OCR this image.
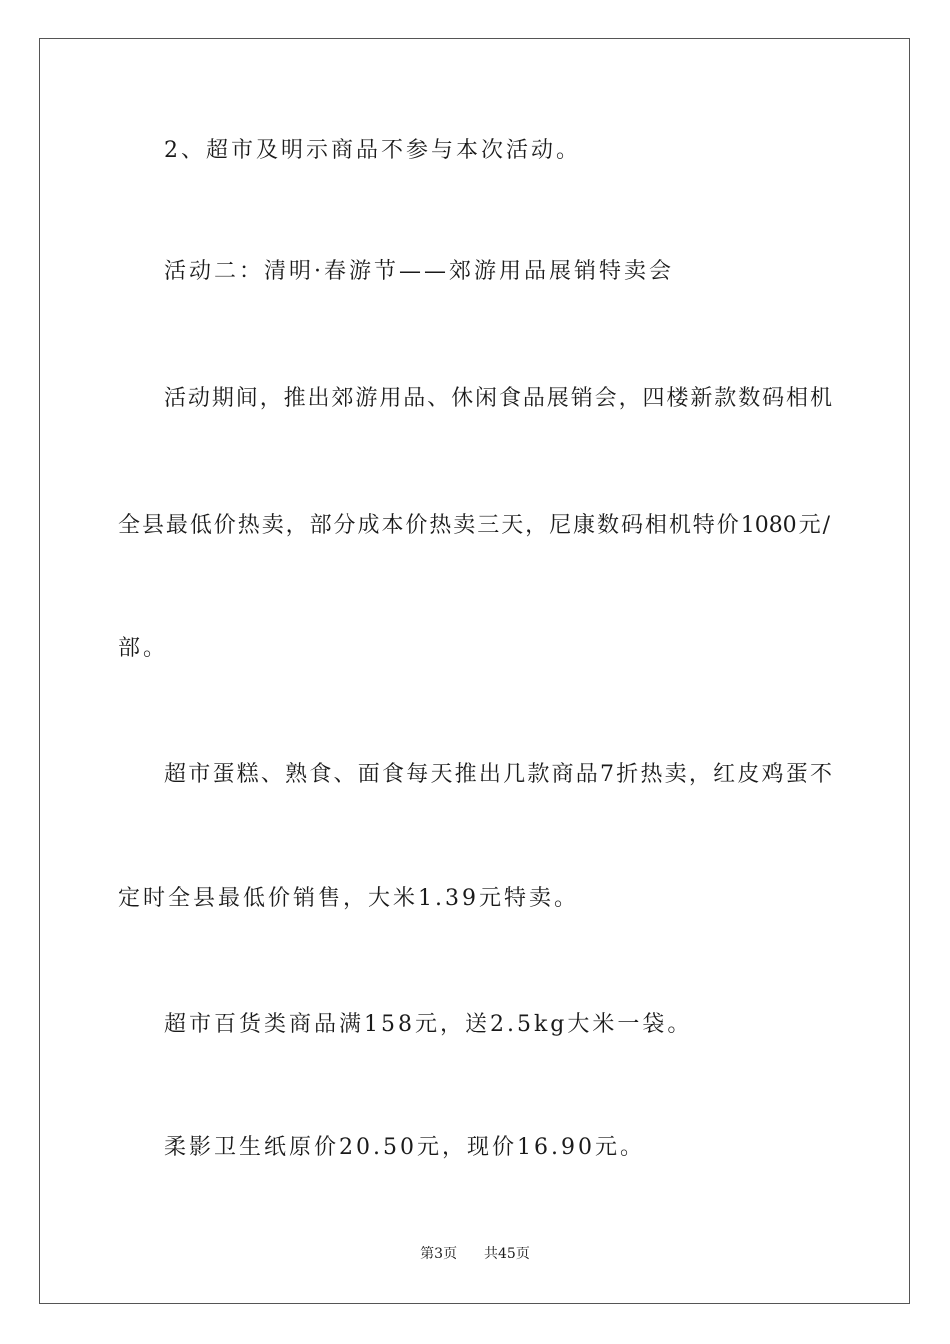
2、超市及明示商品不参与本次活动。
活动二：清明·春游节——郊游用品展销特卖会
活动期间，推出郊游用品、休闲食品展销会，四楼新款数码相机
全县最低价热卖，部分成本价热卖三天，尼康数码相机特价1080元/
部。
超市蛋糕、熟食、面食每天推出几款商品7折热卖，红皮鸡蛋不
定时全县最低价销售，大米1.39元特卖。
超市百货类商品满158元，送2.5kg大米一袋。
柔影卫生纸原价20.50元，现价16.90元。
第3页 共45页
